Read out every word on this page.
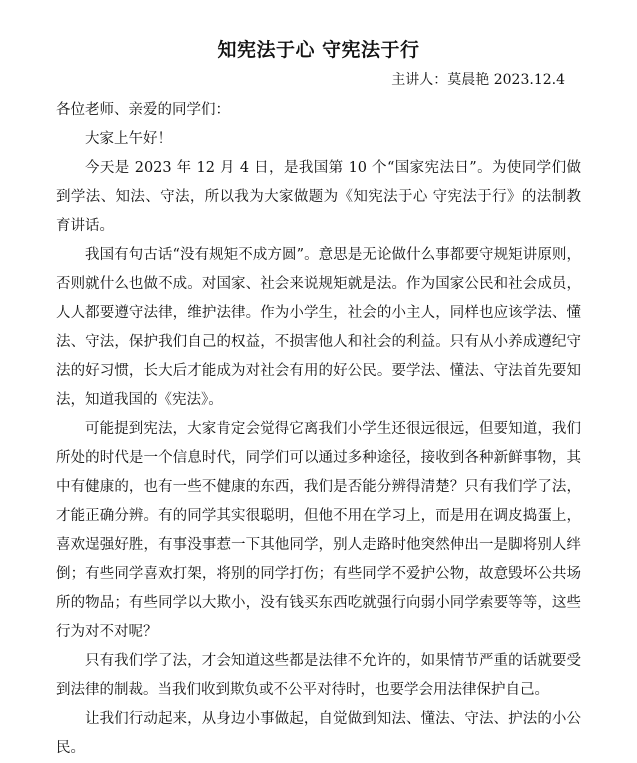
知宪法于心 守宪法于行
主讲人：莫晨艳 2023.12.4

各位老师、亲爱的同学们：

大家上午好！

今天是 2023 年 12 月 4 日，是我国第 10 个“国家宪法日”。为使同学们做到学法、知法、守法，所以我为大家做题为《知宪法于心 守宪法于行》的法制教育讲话。

我国有句古话“没有规矩不成方圆”。意思是无论做什么事都要守规矩讲原则，否则就什么也做不成。对国家、社会来说规矩就是法。作为国家公民和社会成员，人人都要遵守法律，维护法律。作为小学生，社会的小主人，同样也应该学法、懂法、守法，保护我们自己的权益，不损害他人和社会的利益。只有从小养成遵纪守法的好习惯，长大后才能成为对社会有用的好公民。要学法、懂法、守法首先要知法，知道我国的《宪法》。

可能提到宪法，大家肯定会觉得它离我们小学生还很远很远，但要知道，我们所处的时代是一个信息时代，同学们可以通过多种途径，接收到各种新鲜事物，其中有健康的，也有一些不健康的东西，我们是否能分辨得清楚？只有我们学了法，才能正确分辨。有的同学其实很聪明，但他不用在学习上，而是用在调皮捣蛋上，喜欢逞强好胜，有事没事惹一下其他同学，别人走路时他突然伸出一是脚将别人绊倒；有些同学喜欢打架，将别的同学打伤；有些同学不爱护公物，故意毁坏公共场所的物品；有些同学以大欺小，没有钱买东西吃就强行向弱小同学索要等等，这些行为对不对呢？

只有我们学了法，才会知道这些都是法律不允许的，如果情节严重的话就要受到法律的制裁。当我们收到欺负或不公平对待时，也要学会用法律保护自己。

让我们行动起来，从身边小事做起，自觉做到知法、懂法、守法、护法的小公民。
